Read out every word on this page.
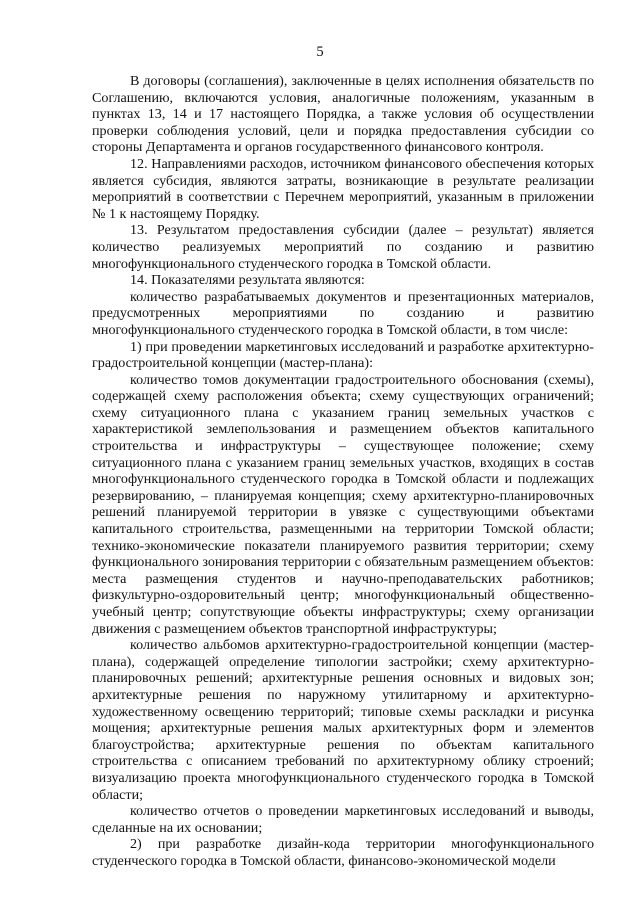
5

В договоры (соглашения), заключенные в целях исполнения обязательств по Соглашению, включаются условия, аналогичные положениям, указанным в пунктах 13, 14 и 17 настоящего Порядка, а также условия об осуществлении проверки соблюдения условий, цели и порядка предоставления субсидии со стороны Департамента и органов государственного финансового контроля.

12. Направлениями расходов, источником финансового обеспечения которых является субсидия, являются затраты, возникающие в результате реализации мероприятий в соответствии с Перечнем мероприятий, указанным в приложении № 1 к настоящему Порядку.

13. Результатом предоставления субсидии (далее – результат) является количество реализуемых мероприятий по созданию и развитию многофункционального студенческого городка в Томской области.

14. Показателями результата являются:

количество разрабатываемых документов и презентационных материалов, предусмотренных мероприятиями по созданию и развитию многофункционального студенческого городка в Томской области, в том числе:

1) при проведении маркетинговых исследований и разработке архитектурно-градостроительной концепции (мастер-плана):

количество томов документации градостроительного обоснования (схемы), содержащей схему расположения объекта; схему существующих ограничений; схему ситуационного плана с указанием границ земельных участков с характеристикой землепользования и размещением объектов капитального строительства и инфраструктуры – существующее положение; схему ситуационного плана с указанием границ земельных участков, входящих в состав многофункционального студенческого городка в Томской области и подлежащих резервированию, – планируемая концепция; схему архитектурно-планировочных решений планируемой территории в увязке с существующими объектами капитального строительства, размещенными на территории Томской области; технико-экономические показатели планируемого развития территории; схему функционального зонирования территории с обязательным размещением объектов: места размещения студентов и научно-преподавательских работников; физкультурно-оздоровительный центр; многофункциональный общественно-учебный центр; сопутствующие объекты инфраструктуры; схему организации движения с размещением объектов транспортной инфраструктуры;

количество альбомов архитектурно-градостроительной концепции (мастер-плана), содержащей определение типологии застройки; схему архитектурно-планировочных решений; архитектурные решения основных и видовых зон; архитектурные решения по наружному утилитарному и архитектурно-художественному освещению территорий; типовые схемы раскладки и рисунка мощения; архитектурные решения малых архитектурных форм и элементов благоустройства; архитектурные решения по объектам капитального строительства с описанием требований по архитектурному облику строений; визуализацию проекта многофункционального студенческого городка в Томской области;

количество отчетов о проведении маркетинговых исследований и выводы, сделанные на их основании;

2) при разработке дизайн-кода территории многофункционального студенческого городка в Томской области, финансово-экономической модели
